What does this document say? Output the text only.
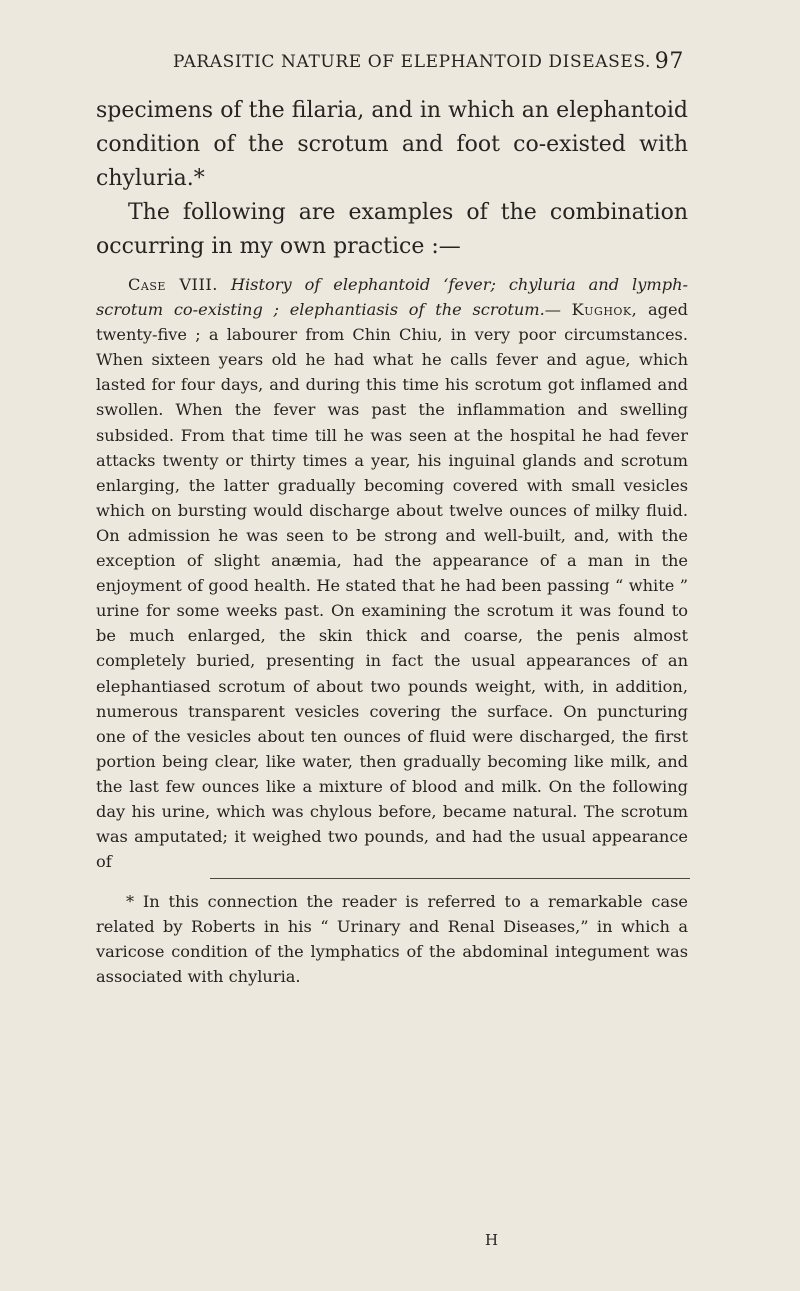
PARASITIC NATURE OF ELEPHANTOID DISEASES. 97

specimens of the filaria, and in which an elephantoid condition of the scrotum and foot co-existed with chyluria.*

The following are examples of the combination occurring in my own practice :—

Case VIII. History of elephantoid ‘fever; chyluria and lymph-scrotum co-existing ; elephantiasis of the scrotum.— Kughok, aged twenty-five ; a labourer from Chin Chiu, in very poor circumstances. When sixteen years old he had what he calls fever and ague, which lasted for four days, and during this time his scrotum got inflamed and swollen. When the fever was past the inflammation and swelling subsided. From that time till he was seen at the hospital he had fever attacks twenty or thirty times a year, his inguinal glands and scrotum enlarging, the latter gradually becoming covered with small vesicles which on bursting would discharge about twelve ounces of milky fluid. On admission he was seen to be strong and well-built, and, with the exception of slight anæmia, had the appearance of a man in the enjoyment of good health. He stated that he had been passing “ white ” urine for some weeks past. On examining the scrotum it was found to be much enlarged, the skin thick and coarse, the penis almost completely buried, presenting in fact the usual appearances of an elephantiased scrotum of about two pounds weight, with, in addition, numerous transparent vesicles covering the surface. On puncturing one of the vesicles about ten ounces of fluid were discharged, the first portion being clear, like water, then gradually becoming like milk, and the last few ounces like a mixture of blood and milk. On the following day his urine, which was chylous before, became natural. The scrotum was amputated; it weighed two pounds, and had the usual appearance of

* In this connection the reader is referred to a remarkable case related by Roberts in his “ Urinary and Renal Diseases,” in which a varicose condition of the lymphatics of the abdominal integument was associated with chyluria.

H
